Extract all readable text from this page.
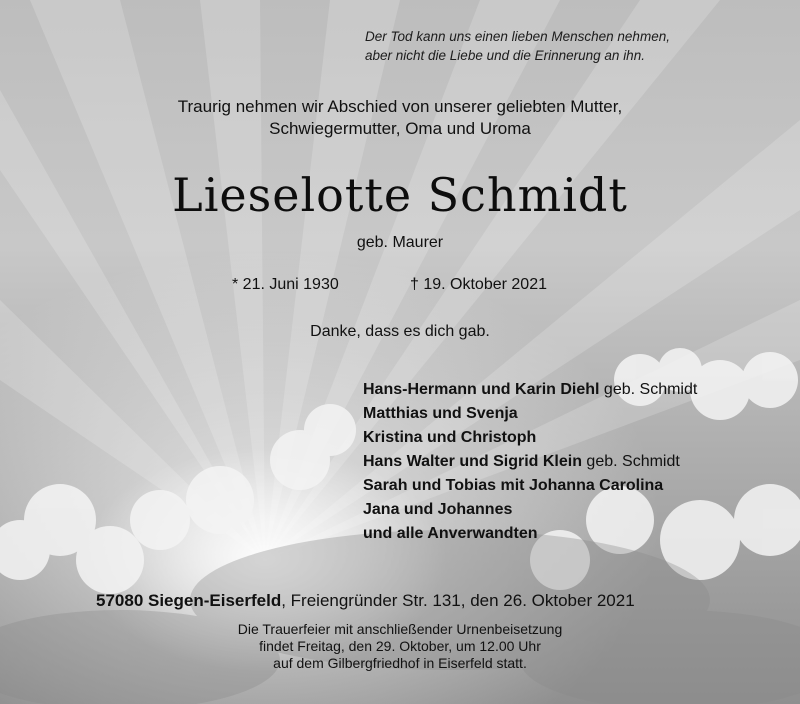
Der Tod kann uns einen lieben Menschen nehmen,
aber nicht die Liebe und die Erinnerung an ihn.
Traurig nehmen wir Abschied von unserer geliebten Mutter,
Schwiegermutter, Oma und Uroma
Lieselotte Schmidt
geb. Maurer
* 21. Juni 1930	† 19. Oktober 2021
Danke, dass es dich gab.
Hans-Hermann und Karin Diehl geb. Schmidt
Matthias und Svenja
Kristina und Christoph
Hans Walter und Sigrid Klein geb. Schmidt
Sarah und Tobias mit Johanna Carolina
Jana und Johannes
und alle Anverwandten
57080 Siegen-Eiserfeld, Freiengründer Str. 131, den 26. Oktober 2021
Die Trauerfeier mit anschließender Urnenbeisetzung
findet Freitag, den 29. Oktober, um 12.00 Uhr
auf dem Gilbergfriedhof in Eiserfeld statt.
